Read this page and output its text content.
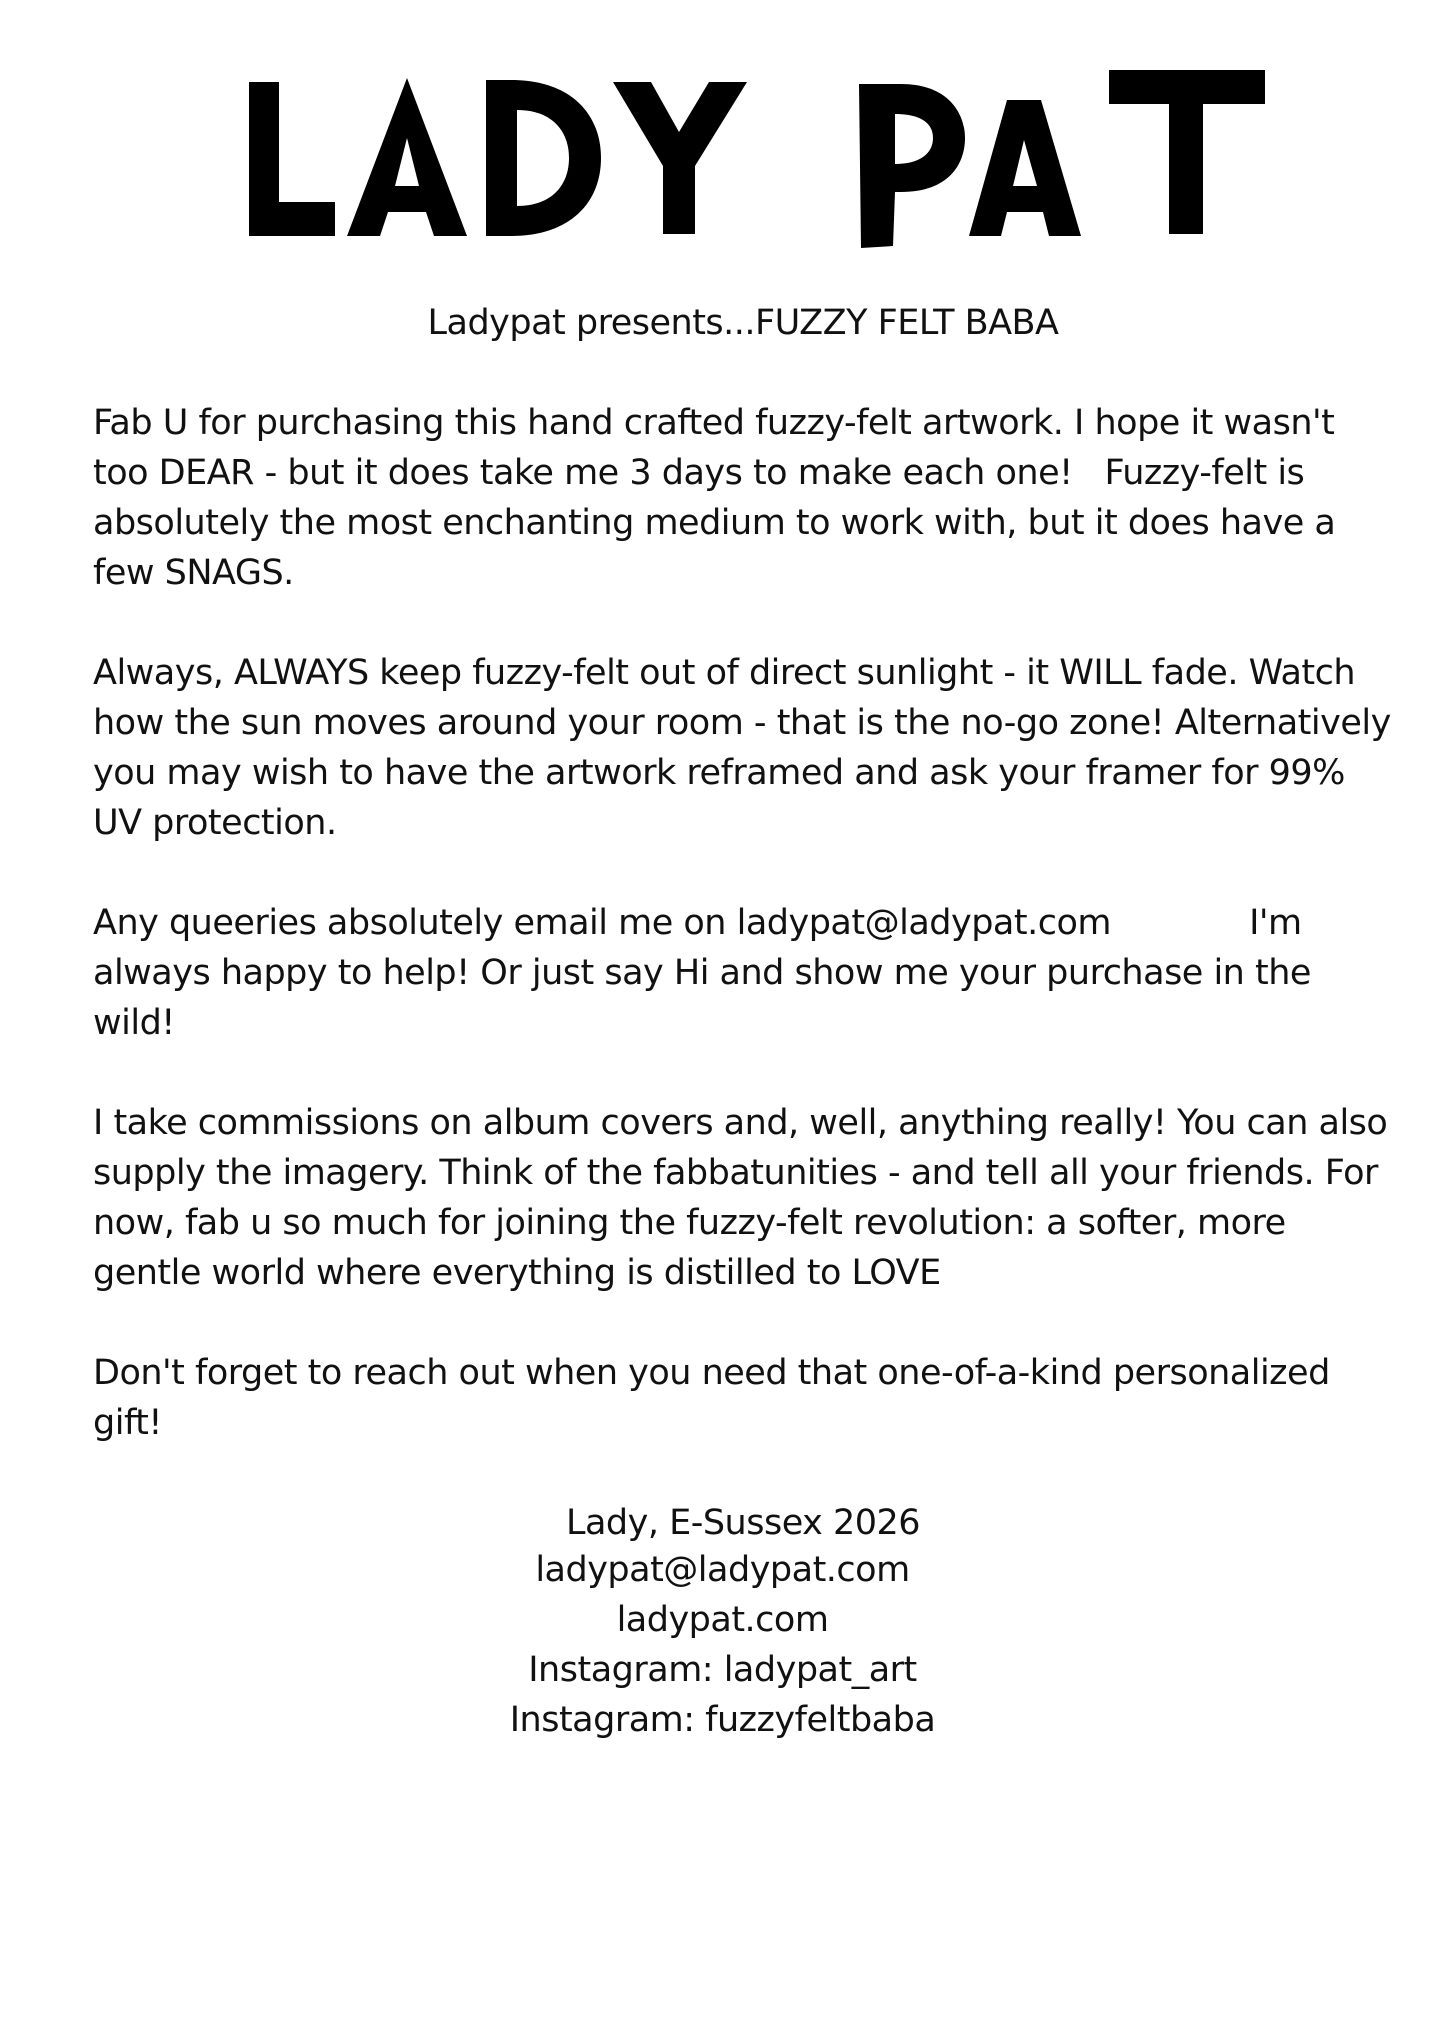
Ladypat presents...FUZZY FELT BABA

Fab U for purchasing this hand crafted fuzzy-felt artwork. I hope it wasn't too DEAR - but it does take me 3 days to make each one!   Fuzzy-felt is absolutely the most enchanting medium to work with, but it does have a few SNAGS.

Always, ALWAYS keep fuzzy-felt out of direct sunlight - it WILL fade. Watch how the sun moves around your room - that is the no-go zone! Alternatively you may wish to have the artwork reframed and ask your framer for 99% UV protection.

Any queeries absolutely email me on ladypat@ladypat.com             I'm always happy to help! Or just say Hi and show me your purchase in the wild!

I take commissions on album covers and, well, anything really! You can also supply the imagery. Think of the fabbatunities - and tell all your friends. For now, fab u so much for joining the fuzzy-felt revolution: a softer, more gentle world where everything is distilled to LOVE

Don't forget to reach out when you need that one-of-a-kind personalized gift!

Lady, E-Sussex 2026

ladypat@ladypat.com
ladypat.com
Instagram: ladypat_art
Instagram: fuzzyfeltbaba
